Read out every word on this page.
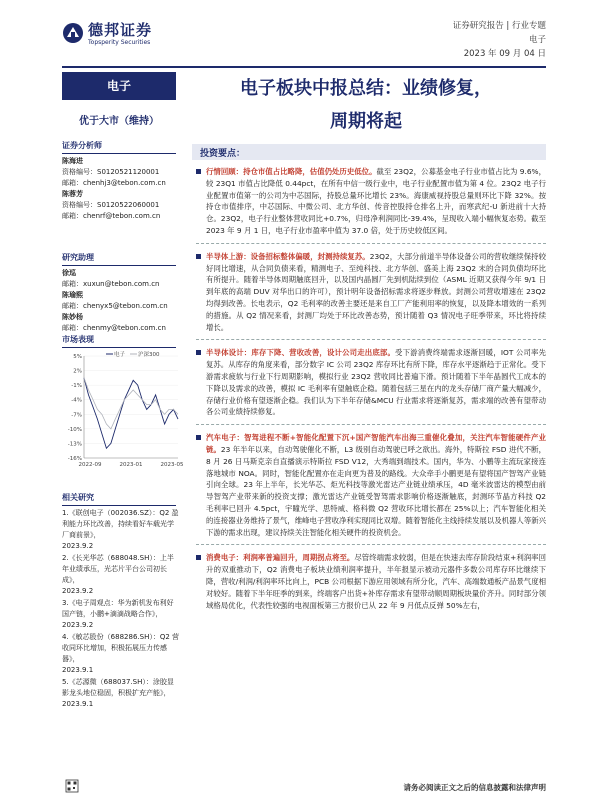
德邦证券
Topsperity Securities
证券研究报告 | 行业专题
电子
2023 年 09 月 04 日
电子	电子板块中报总结：业绩修复，
周期将起
优于大市（维持）
证券分析师
陈海进
资格编号：S0120521120001
邮箱：chenhj3@tebon.com.cn
陈蓉芳
资格编号：S0120522060001
邮箱：chenrf@tebon.com.cn
研究助理
徐巡
邮箱：xuxun@tebon.com.cn
陈瑜熙
邮箱：chenyx5@tebon.com.cn
陈妙杨
邮箱：chenmy@tebon.com.cn
市场表现
5%
2%
-1%
-4%
-7%
-10%
-13%
-16%
2022-09	2023-01	2023-05
电子 沪深300
相关研究
1.《联创电子（002036.SZ）：Q2 盈利能力环比改善，持续看好车载光学厂商前景》，
2023.9.2
2.《长光华芯（688048.SH）：上半年业绩承压，光芯片平台公司初长成》，
2023.9.2
3.《电子周观点：华为新机发布利好国产链，小鹏+滴滴战略合作》，
2023.9.2
4.《敏芯股份（688286.SH）：Q2 营收同环比增加，积极拓展压力传感器》，
2023.9.1
5.《芯源微（688037.SH）：涂胶显影龙头地位稳固，积极扩充产能》，
2023.9.1
投资要点：
行情回顾：持仓市值占比略降，估值仍处历史低位。截至 23Q2，公募基金电子行业市值占比为 9.6%，较 23Q1 市值占比降低 0.44pct，在所有中信一级行业中，电子行业配置市值为第 4 位。23Q2 电子行业配置市值第一的公司为中芯国际，持股总量环比增长 23%。海康威视持股总量则环比下降 32%。按持仓市值排序，中芯国际、中微公司、北方华创、传音控股持仓排名上升，而寒武纪-U 新进前十大持仓。23Q2，电子行业整体营收同比+0.7%，归母净利润同比-39.4%，呈现收入端小幅恢复态势。截至 2023 年 9 月 1 日，电子行业市盈率中值为 37.0 倍，处于历史较低区间。
半导体上游：设备招标整体偏暖，封测持续复苏。23Q2，大部分前道半导体设备公司的营收继续保持较好同比增速，从合同负债来看，精测电子、至纯科技、北方华创、盛美上海 23Q2 末的合同负债均环比有所提升。随着半导体周期触底回升，以及国内晶圆厂先到机陆续到位（ASML 近期又获得今年 9/1 日到年底的高端 DUV 对华出口的许可），预计明年设备招标需求将逐步释放。封测公司营收增速在 23Q2 均得到改善。长电表示，Q2 毛利率的改善主要还是来自工厂产能利用率的恢复，以及降本增效的一系列的措施。从 Q2 情况来看，封测厂均处于环比改善态势，预计随着 Q3 情况电子旺季带来，环比将持续增长。
半导体设计：库存下降、营收改善，设计公司走出底部。受下游消费终端需求逐渐回暖，IOT 公司率先复苏。从库存的角度来看，部分数字 IC 公司 23Q2 库存环比有所下降，库存水平逐渐趋于正常化。受下游需求疲软与行业下行周期影响，模拟行业 23Q2 营收同比普遍下滑。预计随着下半年晶圆代工成本的下降以及需求的改善，模拟 IC 毛利率有望触底企稳。随着包括三星在内的龙头存储厂商产量大幅减少，存储行业价格有望逐渐企稳。我们认为下半年存储&MCU 行业需求将逐渐复苏，需求端的改善有望带动各公司业绩持续修复。
汽车电子：智驾进程不断+智能化配置下沉+国产智能汽车出海三重催化叠加，关注汽车智能硬件产业链。23 年半年以来，自动驾驶催化不断，L3 级别自动驾驶已呼之欲出。海外，特斯拉 FSD 进代不断，8 月 26 日马斯克亲自直播演示特斯拉 FSD V12，大秀端到端技术。国内，华为、小鹏等主流玩家接连落地城市 NOA。同时，智能化配置亦在走向更为普及的路线。大众牵手小鹏更是有望将国产智驾产业链引向全球。23 年上半年，长光华芯、炬光科技等激光雷达产业链业绩承压，4D 毫米波雷达的模型由前导智驾产业带来新的投资支撑；激光雷达产业链受智驾需求影响价格逐渐触底，封测环节晶方科技 Q2 毛利率已回升 4.5pct，宇瞳光学、思特威、格科微 Q2 营收环比增长都在 25%以上；汽车智能化相关的连接器业务维持了景气，维峰电子营收净利实现同比双增。随着智能化主线持续发展以及机器人等新兴下游的需求出现，建议持续关注智能化相关硬件的投资机会。
消费电子：利润率普遍回升，周期拐点将至。尽管终端需求较弱，但是在快速去库存阶段结束+利润率回升的双重推动下，Q2 消费电子板块业绩利润率提升，半年报显示被动元器件多数公司库存环比继续下降，营收/利润/利润率环比向上，PCB 公司根据下游应用领域有所分化，汽车、高端数通板产品景气度相对较好。随着下半年旺季的到来，终端客户出货+补库存需求有望带动顺周期板块量价齐升。同时部分领域格局优化，代表性较强的电视面板第三方报价已从 22 年 9 月低点反弹 50%左右，
请务必阅读正文之后的信息披露和法律声明
